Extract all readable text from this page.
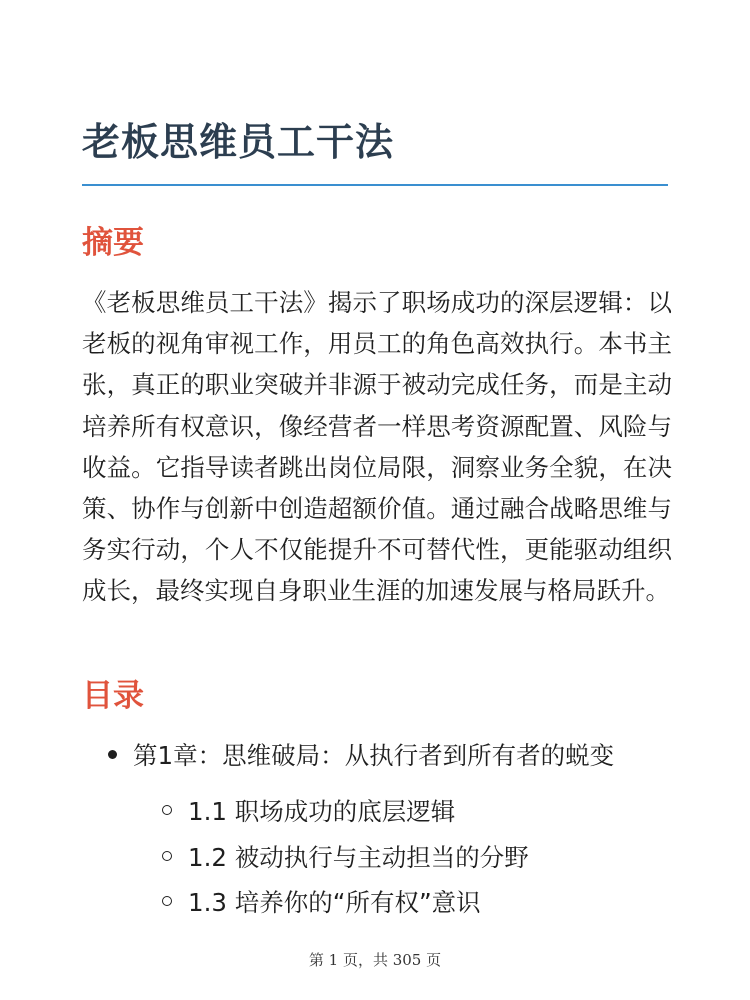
老板思维员工干法
摘要

《老板思维员工干法》揭示了职场成功的深层逻辑：以老板的视角审视工作，用员工的角色高效执行。本书主张，真正的职业突破并非源于被动完成任务，而是主动培养所有权意识，像经营者一样思考资源配置、风险与收益。它指导读者跳出岗位局限，洞察业务全貌，在决策、协作与创新中创造超额价值。通过融合战略思维与务实行动，个人不仅能提升不可替代性，更能驱动组织成长，最终实现自身职业生涯的加速发展与格局跃升。

目录
第1章：思维破局：从执行者到所有者的蜕变
1.1 职场成功的底层逻辑
1.2 被动执行与主动担当的分野
1.3 培养你的“所有权”意识
第 1 页，共 305 页
